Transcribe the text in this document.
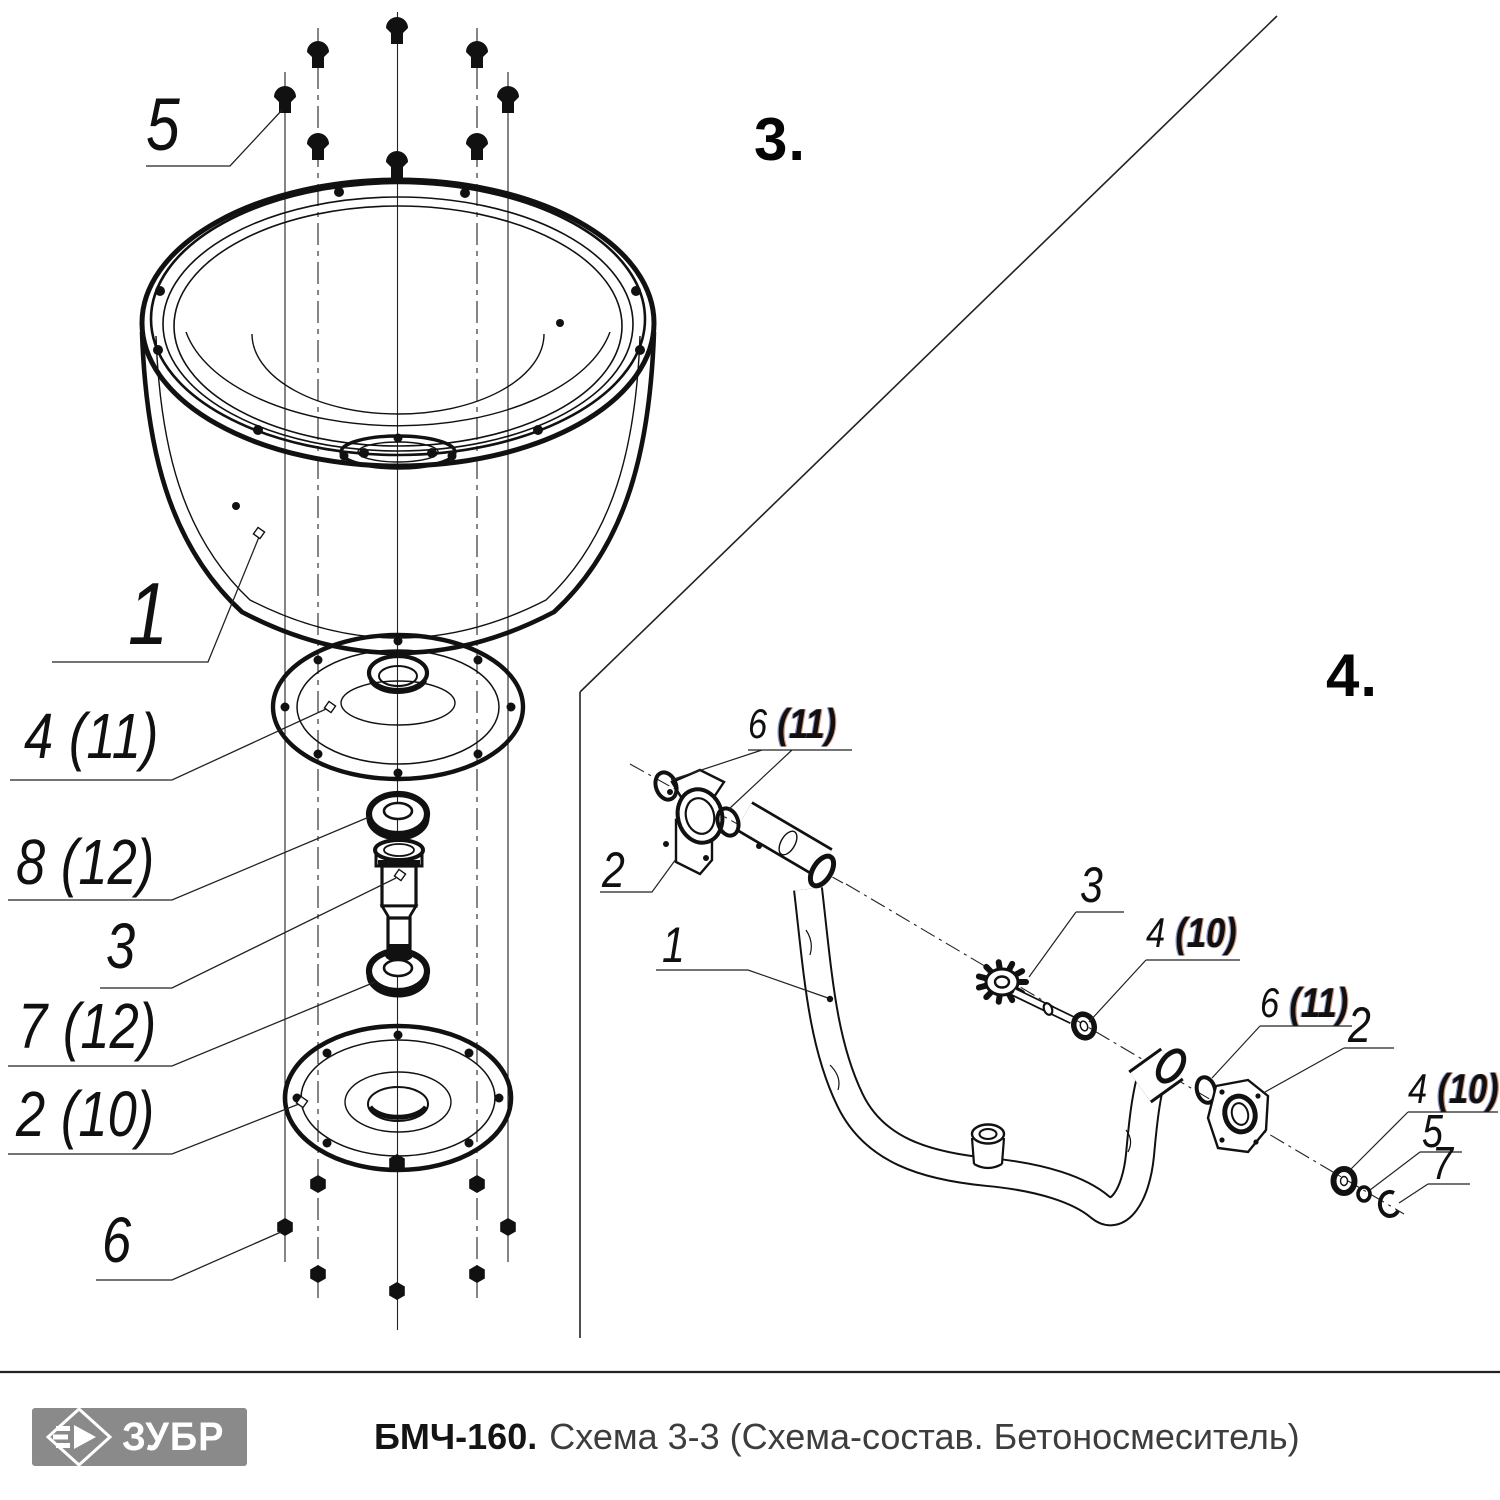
3.
4.
5
1
4 (11)
8 (12)
3
7 (12)
2 (10)
6
6 (11)
2
1
3
4 (10)
6 (11) 2
4 (10)
5
7
ЗУБР	БМЧ-160. Схема 3-3 (Схема-состав. Бетоносмеситель)
